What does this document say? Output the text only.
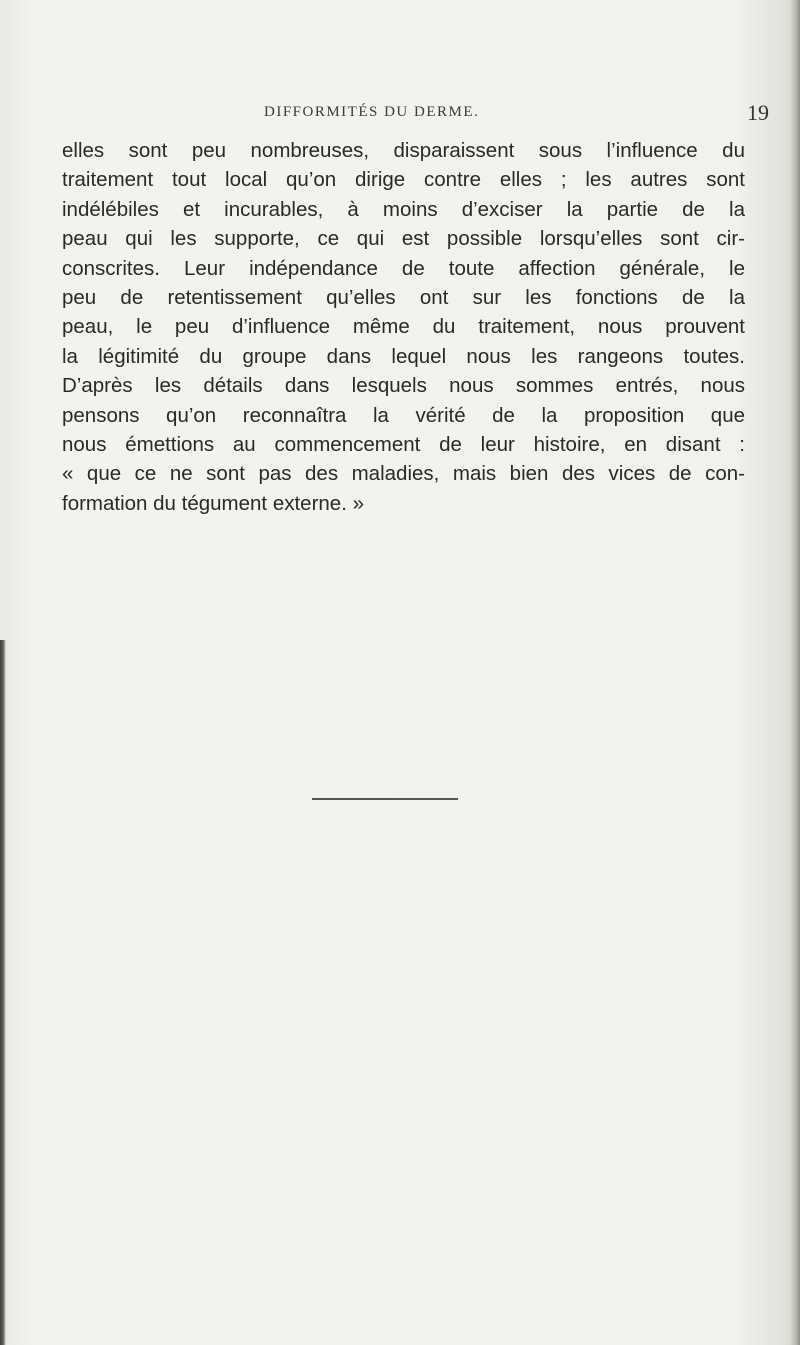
DIFFORMITÉS DU DERME.	19
elles sont peu nombreuses, disparaissent sous l’influence du
traitement tout local qu’on dirige contre elles ; les autres sont
indélébiles et incurables, à moins d’exciser la partie de la
peau qui les supporte, ce qui est possible lorsqu’elles sont cir-
conscrites. Leur indépendance de toute affection générale, le
peu de retentissement qu’elles ont sur les fonctions de la
peau, le peu d’influence même du traitement, nous prouvent
la légitimité du groupe dans lequel nous les rangeons toutes.
D’après les détails dans lesquels nous sommes entrés, nous
pensons qu’on reconnaîtra la vérité de la proposition que
nous émettions au commencement de leur histoire, en disant :
« que ce ne sont pas des maladies, mais bien des vices de con-
formation du tégument externe. »
